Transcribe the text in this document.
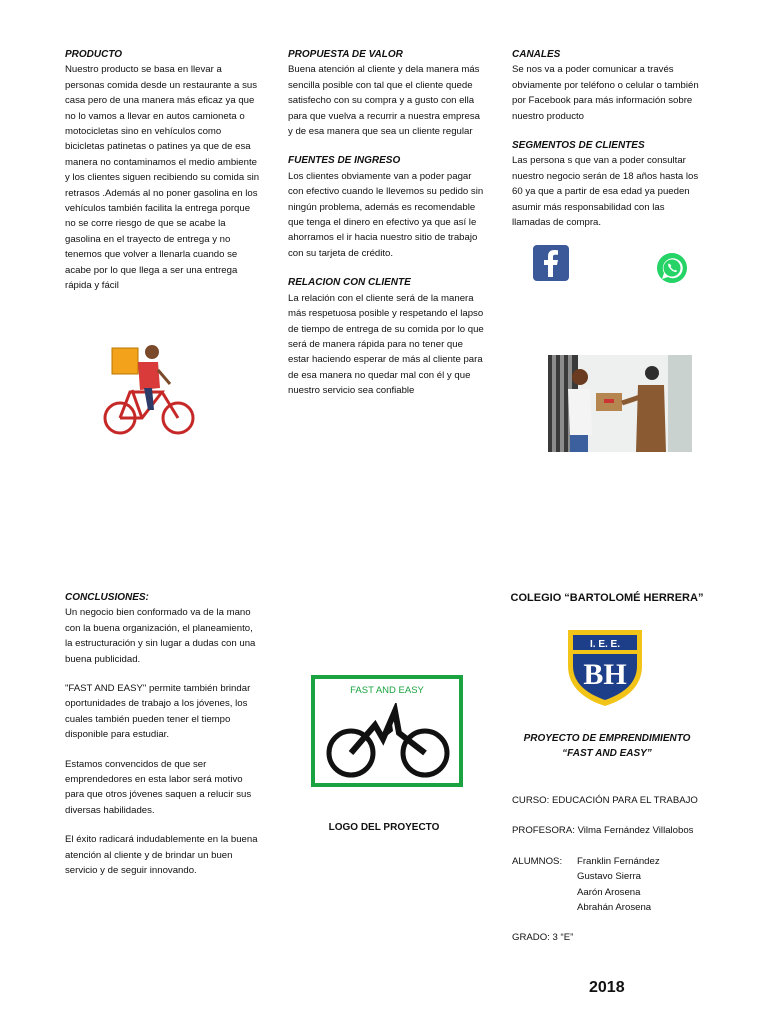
PRODUCTO

Nuestro producto se basa en llevar a personas comida desde un restaurante a sus casa pero de una manera más eficaz ya que no lo vamos a llevar en autos camioneta o motocicletas sino en vehículos como bicicletas patinetas o patines ya que de esa manera no contaminamos el medio ambiente y los clientes siguen recibiendo su comida sin retrasos .Además al no poner gasolina en los vehículos también facilita la entrega porque no se corre riesgo de que se acabe la gasolina en el trayecto de entrega y no tenemos que volver a llenarla cuando se acabe por lo que llega a ser una entrega rápida y fácil

PROPUESTA DE VALOR

Buena atención al cliente y dela manera más sencilla posible con tal que el cliente quede satisfecho con su compra y a gusto con ella para que vuelva a recurrir a nuestra empresa y de esa manera que sea un cliente regular

FUENTES DE INGRESO

Los clientes obviamente van a poder pagar con efectivo cuando le llevemos su pedido sin ningún problema, además es recomendable que tenga el dinero en efectivo ya que así le ahorramos el ir hacia nuestro sitio de trabajo con su tarjeta de crédito.

RELACION CON CLIENTE

La relación con el cliente será de la manera más respetuosa posible y respetando el lapso de tiempo de entrega de su comida por lo que será de manera rápida para no tener que estar haciendo esperar de más al cliente para de esa manera no quedar mal con él y que nuestro servicio sea confiable

CANALES

Se nos va a poder comunicar a través obviamente por teléfono o celular o también por Facebook para más información sobre nuestro producto

SEGMENTOS DE CLIENTES

Las persona s que van a poder consultar nuestro negocio serán de 18 años hasta los 60 ya que a partir de esa edad ya pueden asumir más responsabilidad con las llamadas de compra.

CONCLUSIONES:

Un negocio bien conformado va de la mano con la buena organización, el planeamiento, la estructuración y sin lugar a dudas con una buena publicidad.

"FAST AND EASY" permite también brindar oportunidades de trabajo a los jóvenes, los cuales también pueden tener el tiempo disponible para estudiar.

Estamos convencidos de que ser emprendedores en esta labor será motivo para que otros jóvenes saquen a relucir sus diversas habilidades.

El éxito radicará indudablemente en la buena atención al cliente y de brindar un buen servicio y de seguir innovando.

FAST AND EASY
LOGO DEL PROYECTO
COLEGIO “BARTOLOMÉ HERRERA”
I. E. E.
BH
PROYECTO DE EMPRENDIMIENTO
“FAST AND EASY”
CURSO: EDUCACIÓN PARA EL TRABAJO
PROFESORA: Vilma Fernández Villalobos
ALUMNOS:	Franklin Fernández
Gustavo Sierra
Aarón Arosena
Abrahán Arosena
GRADO: 3 “E”
2018
